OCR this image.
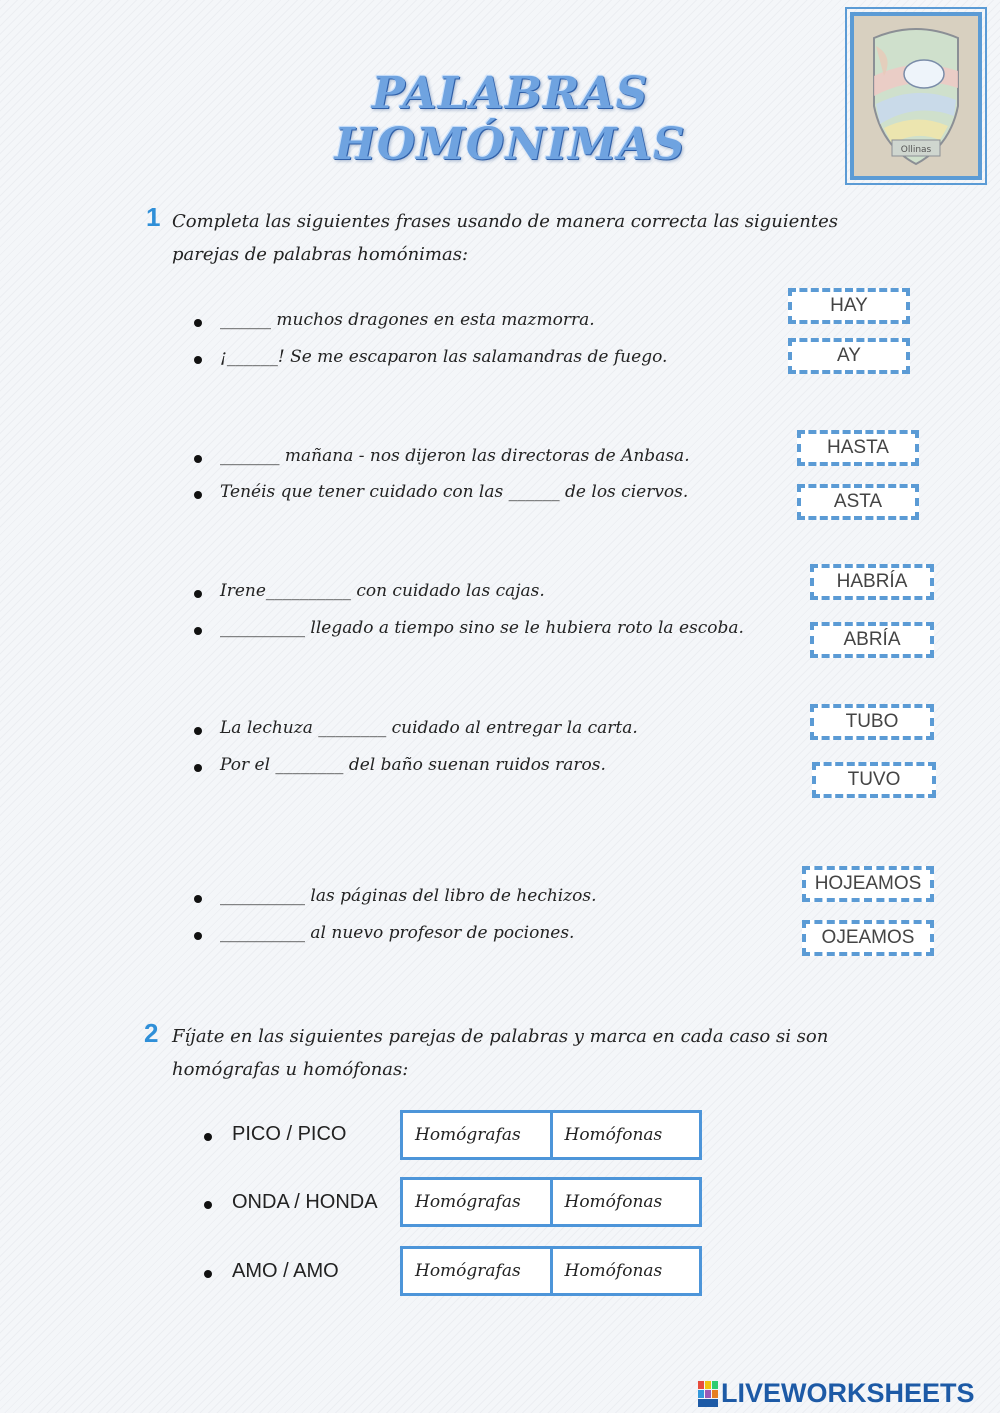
PALABRAS HOMÓNIMAS	Ollinas
1 Completa las siguientes frases usando de manera correcta las siguientes parejas de palabras homónimas:
______ muchos dragones en esta mazmorra.
¡______! Se me escaparon las salamandras de fuego.
HAY
AY
_______ mañana - nos dijeron las directoras de Anbasa.
Tenéis que tener cuidado con las ______ de los ciervos.
HASTA
ASTA
Irene__________ con cuidado las cajas.
__________ llegado a tiempo sino se le hubiera roto la escoba.
HABRÍA
ABRÍA
La lechuza ________ cuidado al entregar la carta.
Por el ________ del baño suenan ruidos raros.
TUBO
TUVO
__________ las páginas del libro de hechizos.
__________ al nuevo profesor de pociones.
HOJEAMOS
OJEAMOS
2 Fíjate en las siguientes parejas de palabras y marca en cada caso si son homógrafas u homófonas:
PICO / PICO	Homógrafas	Homófonas
ONDA / HONDA	Homógrafas	Homófonas
AMO / AMO	Homógrafas	Homófonas
LIVEWORKSHEETS
